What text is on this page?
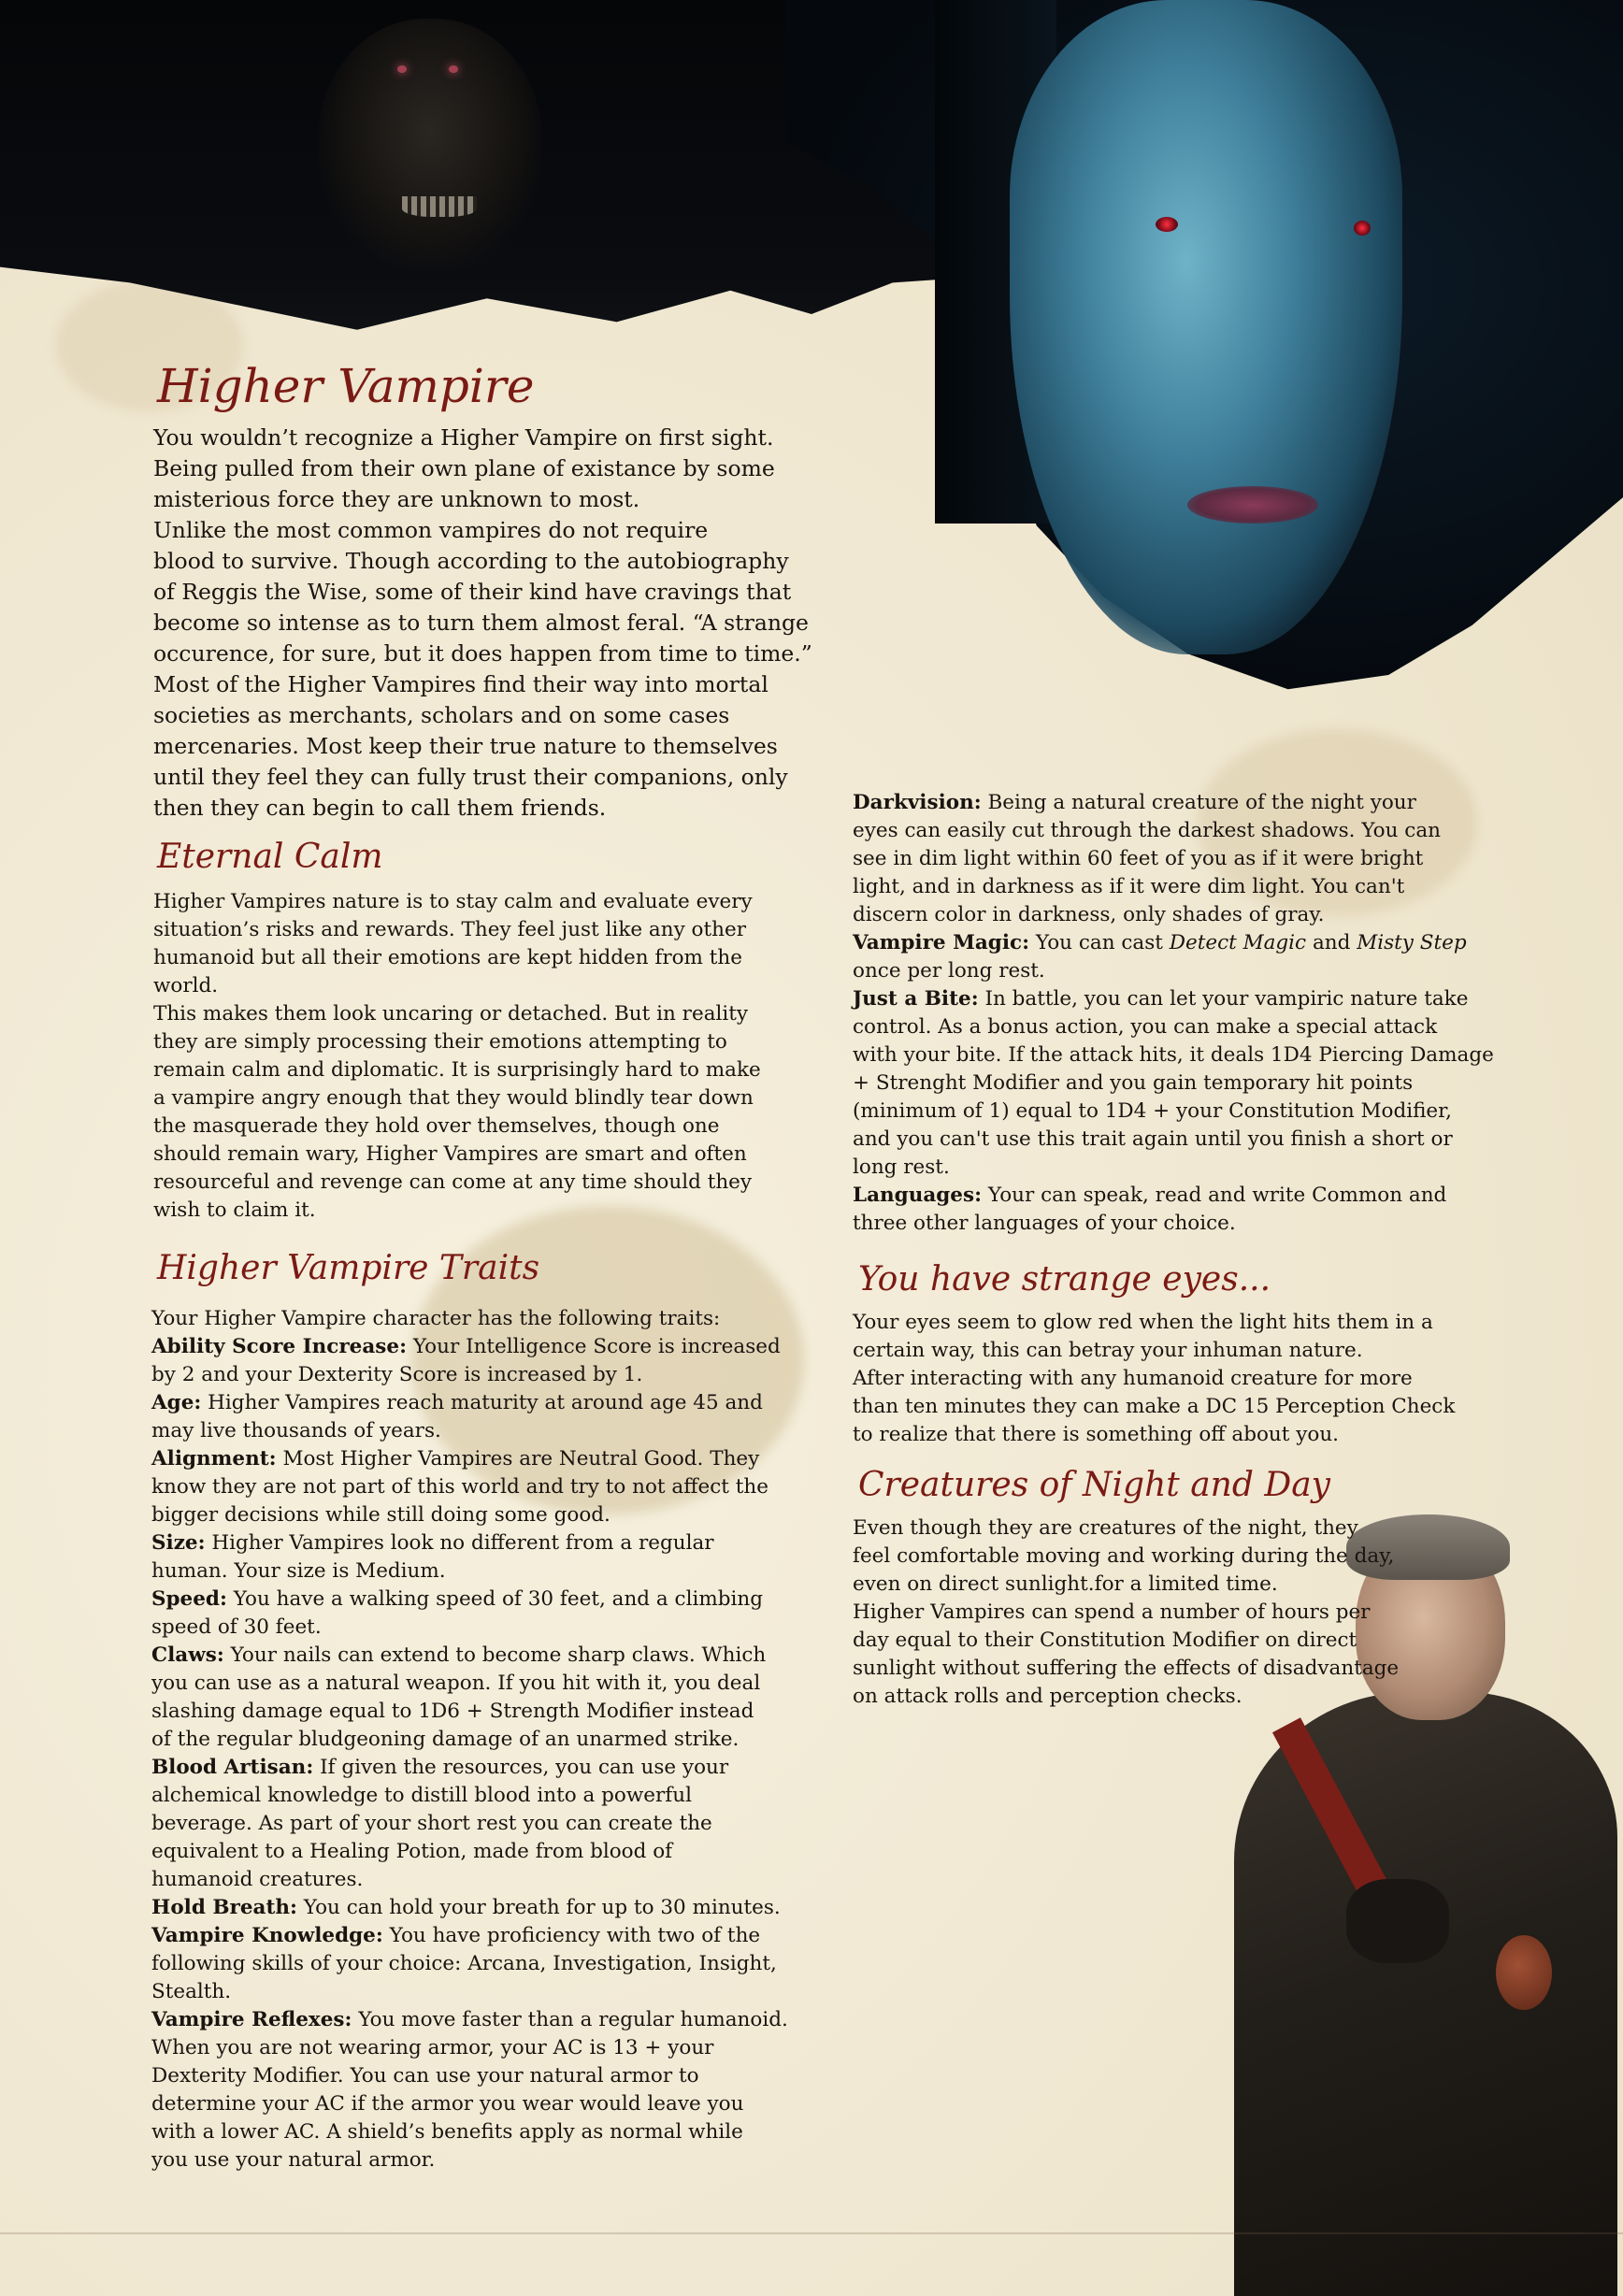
Higher Vampire

You wouldn’t recognize a Higher Vampire on first sight.

Being pulled from their own plane of existance by some

misterious force they are unknown to most.

Unlike the most common vampires do not require

blood to survive. Though according to the autobiography

of Reggis the Wise, some of their kind have cravings that

become so intense as to turn them almost feral. “A strange

occurence, for sure, but it does happen from time to time.”

Most of the Higher Vampires find their way into mortal

societies as merchants, scholars and on some cases

mercenaries. Most keep their true nature to themselves

until they feel they can fully trust their companions, only

then they can begin to call them friends.

Eternal Calm

Higher Vampires nature is to stay calm and evaluate every

situation’s risks and rewards. They feel just like any other

humanoid but all their emotions are kept hidden from the

world.

This makes them look uncaring or detached. But in reality

they are simply processing their emotions attempting to

remain calm and diplomatic. It is surprisingly hard to make

a vampire angry enough that they would blindly tear down

the masquerade they hold over themselves, though one

should remain wary, Higher Vampires are smart and often

resourceful and revenge can come at any time should they

wish to claim it.

Higher Vampire Traits

Your Higher Vampire character has the following traits:

Ability Score Increase: Your Intelligence Score is increased

by 2 and your Dexterity Score is increased by 1.

Age: Higher Vampires reach maturity at around age 45 and

may live thousands of years.

Alignment: Most Higher Vampires are Neutral Good. They

know they are not part of this world and try to not affect the

bigger decisions while still doing some good.

Size: Higher Vampires look no different from a regular

human. Your size is Medium.

Speed: You have a walking speed of 30 feet, and a climbing

speed of 30 feet.

Claws: Your nails can extend to become sharp claws. Which

you can use as a natural weapon. If you hit with it, you deal

slashing damage equal to 1D6 + Strength Modifier instead

of the regular bludgeoning damage of an unarmed strike.

Blood Artisan: If given the resources, you can use your

alchemical knowledge to distill blood into a powerful

beverage. As part of your short rest you can create the

equivalent to a Healing Potion, made from blood of

humanoid creatures.

Hold Breath: You can hold your breath for up to 30 minutes.

Vampire Knowledge: You have proficiency with two of the

following skills of your choice: Arcana, Investigation, Insight,

Stealth.

Vampire Reflexes: You move faster than a regular humanoid.

When you are not wearing armor, your AC is 13 + your

Dexterity Modifier. You can use your natural armor to

determine your AC if the armor you wear would leave you

with a lower AC. A shield’s benefits apply as normal while

you use your natural armor.

Darkvision: Being a natural creature of the night your

eyes can easily cut through the darkest shadows. You can

see in dim light within 60 feet of you as if it were bright

light, and in darkness as if it were dim light. You can't

discern color in darkness, only shades of gray.

Vampire Magic: You can cast Detect Magic and Misty Step

once per long rest.

Just a Bite: In battle, you can let your vampiric nature take

control. As a bonus action, you can make a special attack

with your bite. If the attack hits, it deals 1D4 Piercing Damage

+ Strenght Modifier and you gain temporary hit points

(minimum of 1) equal to 1D4 + your Constitution Modifier,

and you can't use this trait again until you finish a short or

long rest.

Languages: Your can speak, read and write Common and

three other languages of your choice.

You have strange eyes...

Your eyes seem to glow red when the light hits them in a

certain way, this can betray your inhuman nature.

After interacting with any humanoid creature for more

than ten minutes they can make a DC 15 Perception Check

to realize that there is something off about you.

Creatures of Night and Day

Even though they are creatures of the night, they

feel comfortable moving and working during the day,

even on direct sunlight.for a limited time.

Higher Vampires can spend a number of hours per

day equal to their Constitution Modifier on direct

sunlight without suffering the effects of disadvantage

on attack rolls and perception checks.
